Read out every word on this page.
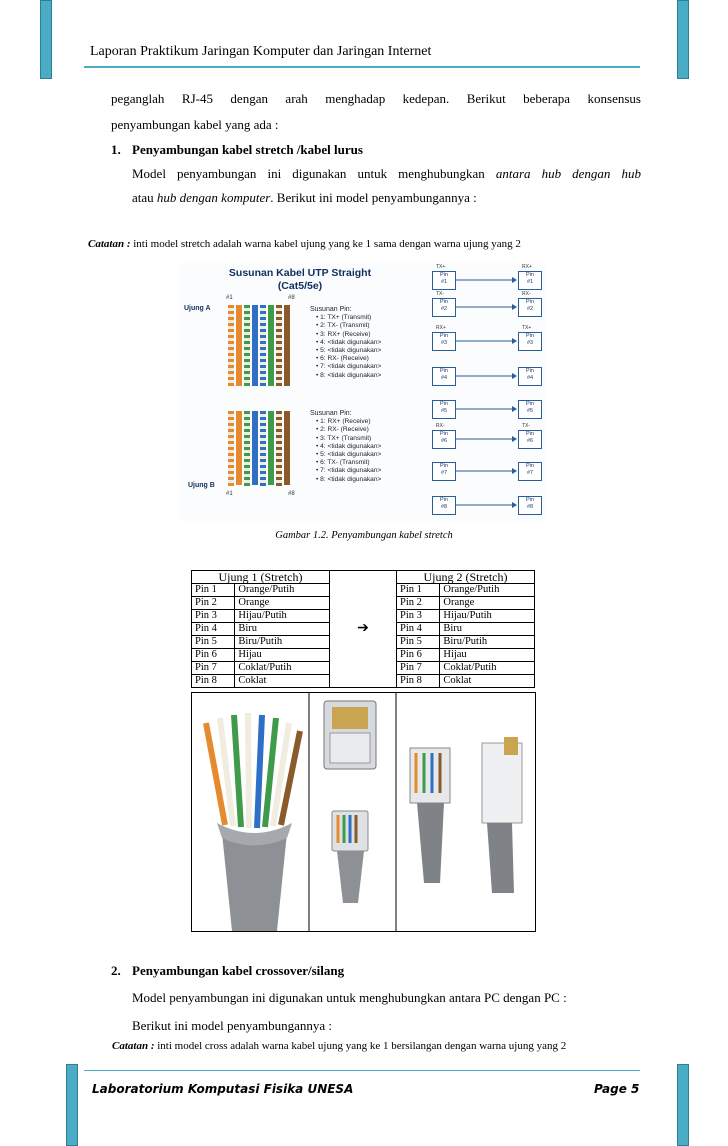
Laporan Praktikum Jaringan Komputer dan Jaringan Internet
peganglah RJ-45 dengan arah menghadap kedepan. Berikut beberapa konsensus
penyambungan kabel yang ada :
1. Penyambungan kabel stretch /kabel lurus
Model penyambungan ini digunakan untuk menghubungkan antara hub dengan hub
atau hub dengan komputer. Berikut ini model penyambungannya :
Catatan : inti model stretch adalah warna kabel ujung yang ke 1 sama dengan warna ujung yang 2
Susunan Kabel UTP Straight
(Cat5/5e)
Ujung A
Ujung B
#1	#8
#1	#8
Susunan Pin:
• 1: TX+ (Transmit)
• 2: TX- (Transmit)
• 3: RX+ (Receive)
• 4: <tidak digunakan>
• 5: <tidak digunakan>
• 6: RX- (Receive)
• 7: <tidak digunakan>
• 8: <tidak digunakan>
Susunan Pin:
• 1: RX+ (Receive)
• 2: RX- (Receive)
• 3: TX+ (Transmit)
• 4: <tidak digunakan>
• 5: <tidak digunakan>
• 6: TX- (Transmit)
• 7: <tidak digunakan>
• 8: <tidak digunakan>
Pin
#1
TX+
Pin
#1
RX+
Pin
#2
TX-
Pin
#2
RX-
Pin
#3
RX+
Pin
#3
TX+
Pin
#4
Pin
#4
Pin
#5
Pin
#5
Pin
#6
RX-
Pin
#6
TX-
Pin
#7
Pin
#7
Pin
#8
Pin
#8
Gambar 1.2. Penyambungan kabel stretch
Ujung 1 (Stretch)		➔	Ujung 2 (Stretch)	
Pin 1	Orange/Putih		Pin 1	Orange/Putih
Pin 2	Orange		Pin 2	Orange
Pin 3	Hijau/Putih		Pin 3	Hijau/Putih
Pin 4	Biru		Pin 4	Biru
Pin 5	Biru/Putih		Pin 5	Biru/Putih
Pin 6	Hijau		Pin 6	Hijau
Pin 7	Coklat/Putih		Pin 7	Coklat/Putih
Pin 8	Coklat		Pin 8	Coklat
2. Penyambungan kabel crossover/silang
Model penyambungan ini digunakan untuk menghubungkan antara PC dengan PC :
Berikut ini model penyambungannya :
Catatan : inti model cross adalah warna kabel ujung yang ke 1 bersilangan dengan warna ujung yang 2
Laboratorium Komputasi Fisika UNESA	Page 5
